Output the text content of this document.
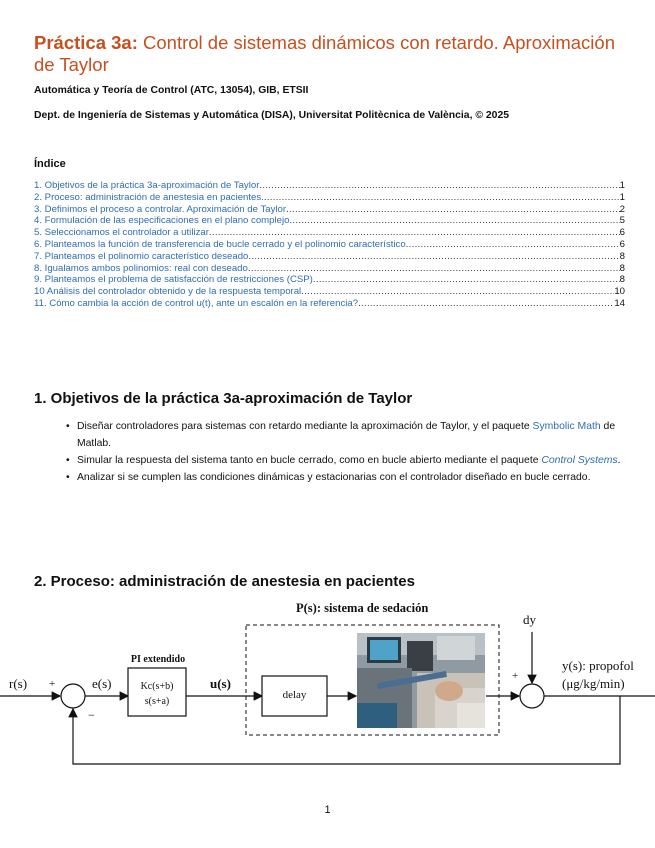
Práctica 3a: Control de sistemas dinámicos con retardo. Aproximación de Taylor
Automática y Teoría de Control (ATC, 13054), GIB, ETSII
Dept. de Ingeniería de Sistemas y Automática (DISA), Universitat Politècnica de València, © 2025
Índice
1. Objetivos de la práctica 3a-aproximación de Taylor .....	1
2. Proceso: administración de anestesia en pacientes. .....	1
3. Definimos el proceso a controlar. Aproximación de Taylor .....	2
4. Formulación de las especificaciones en el plano complejo .....	5
5. Seleccionamos el controlador a utilizar .....	6
6. Planteamos la función de transferencia de bucle cerrado y el polinomio característico .....	6
7. Planteamos el polinomio característico deseado .....	8
8. Igualamos ambos polinomios: real con deseado .....	8
9. Planteamos el problema de satisfacción de restricciones (CSP) .....	8
10 Análisis del controlador obtenido y de la respuesta temporal .....	10
11. Cómo cambia la acción de control u(t), ante un escalón en la referencia? .....	14
1. Objetivos de la práctica 3a-aproximación de Taylor
• Diseñar controladores para sistemas con retardo mediante la aproximación de Taylor, y el paquete Symbolic Math de Matlab.
• Simular la respuesta del sistema tanto en bucle cerrado, como en bucle abierto mediante el paquete Control Systems.
• Analizar si se cumplen las condiciones dinámicas y estacionarias con el controlador diseñado en bucle cerrado.
2. Proceso: administración de anestesia en pacientes
P(s): sistema de sedación
PI extendido
Kc(s+b)
s(s+a)
delay
r(s) +
−
e(s)	u(s)	+
dy
y(s): propofol
(μg/kg/min)
1
